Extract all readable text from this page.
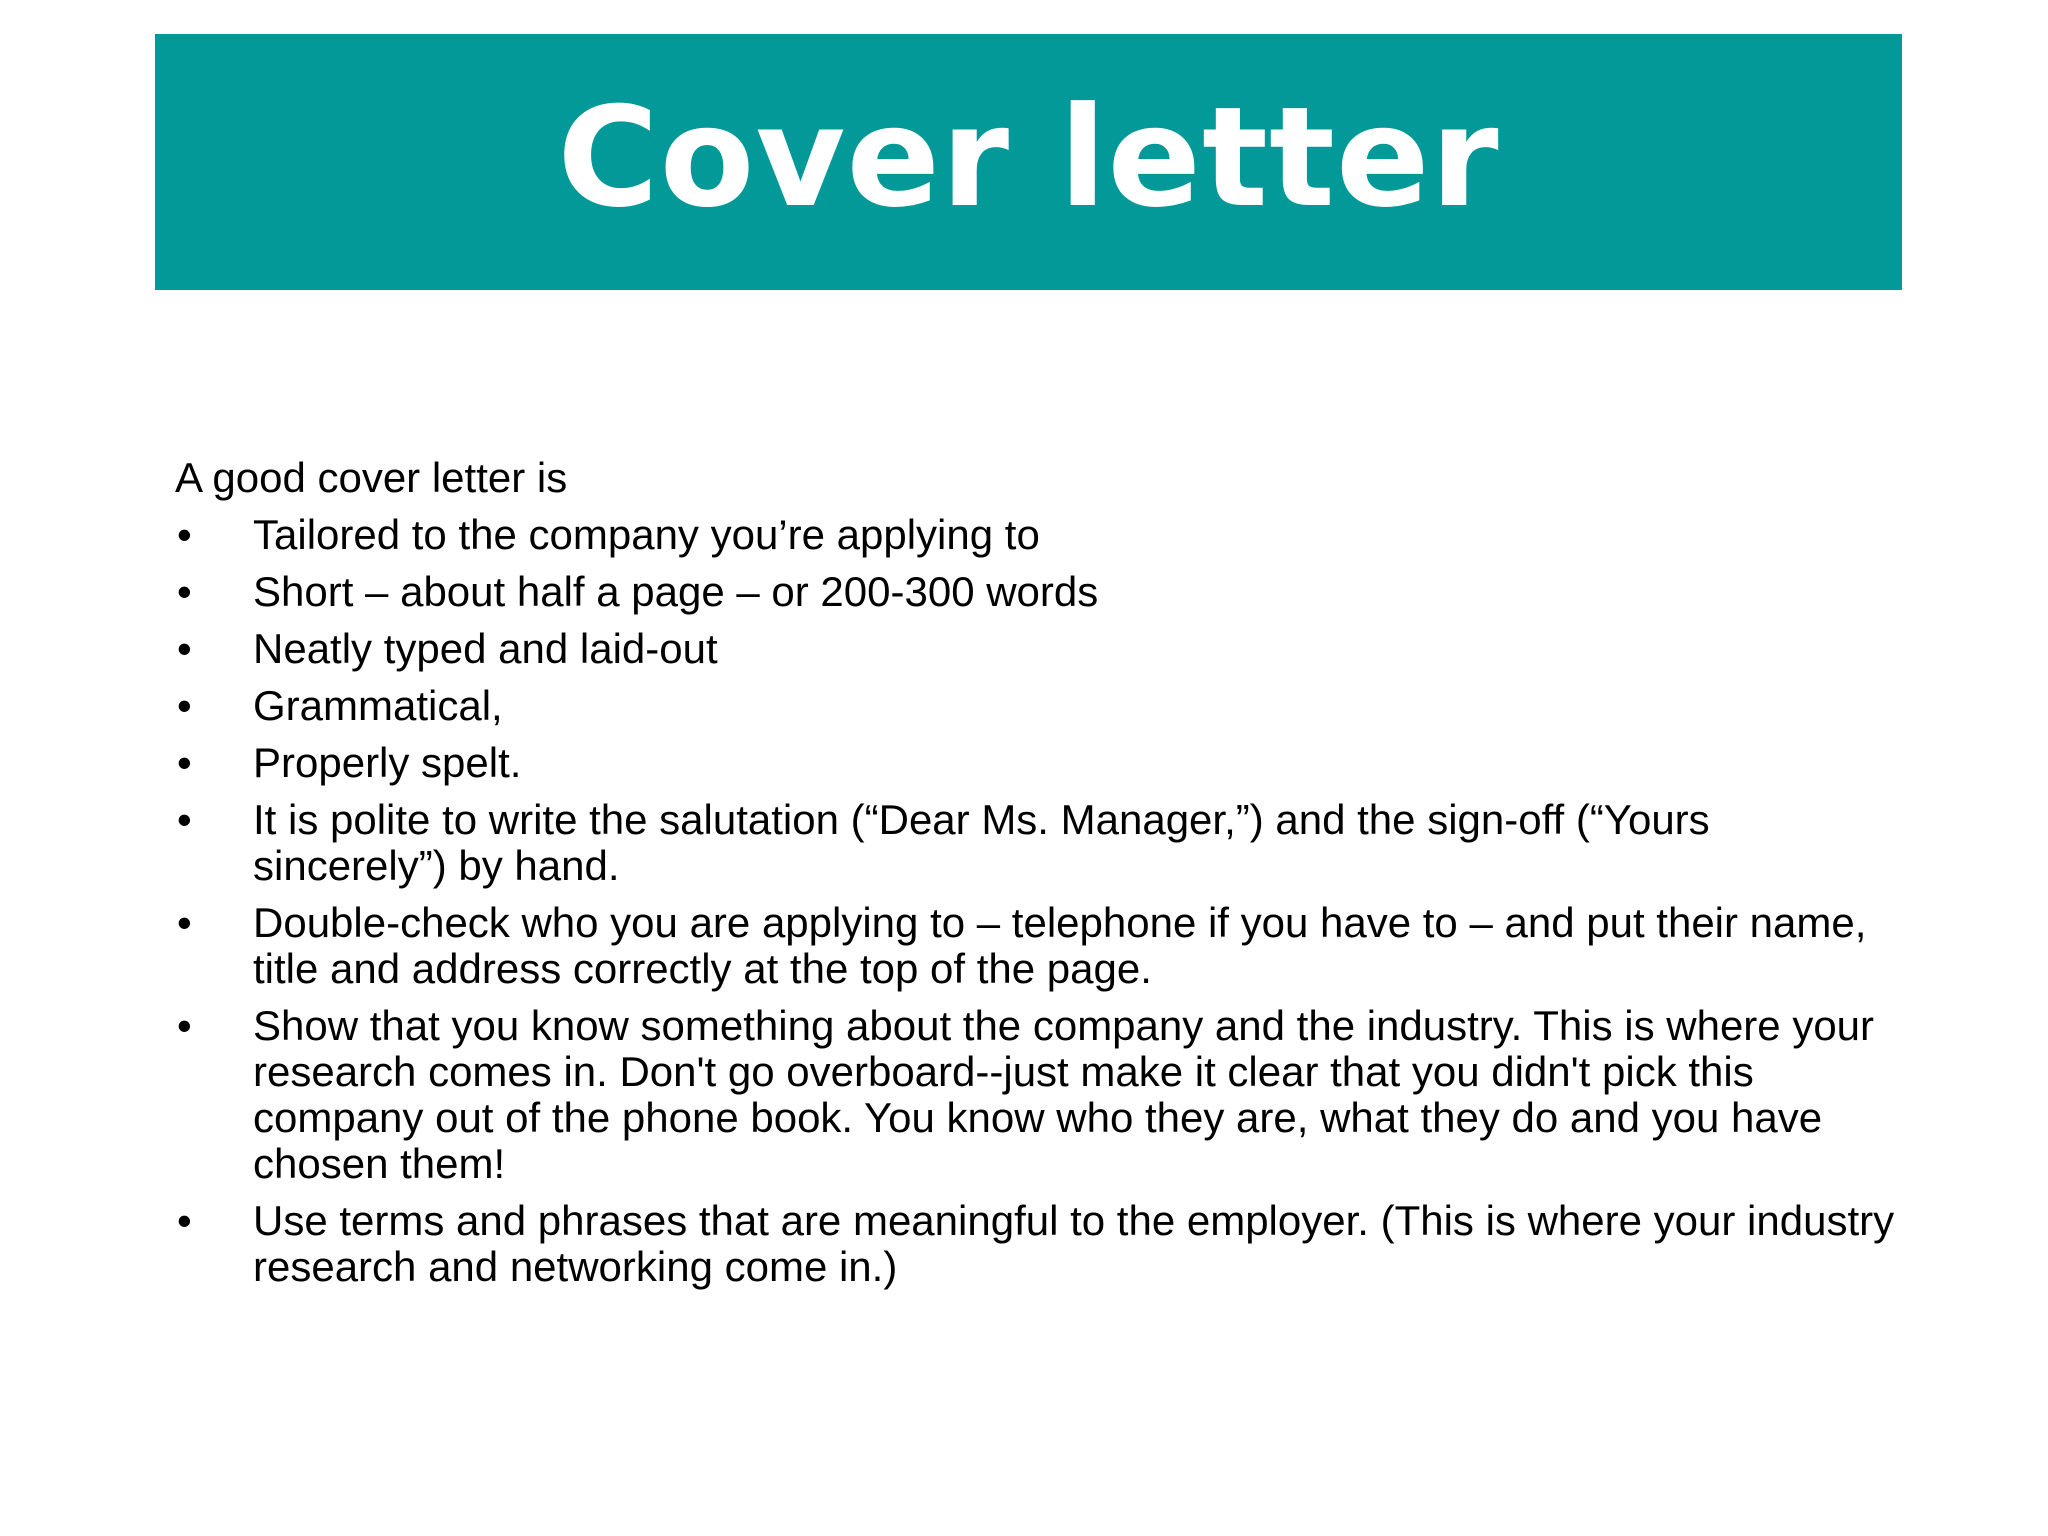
Cover letter

A good cover letter is

• Tailored to the company you’re applying to
• Short – about half a page – or 200-300 words
• Neatly typed and laid-out
• Grammatical,
• Properly spelt.
• It is polite to write the salutation (“Dear Ms. Manager,”) and the sign-off (“Yours sincerely”) by hand.
• Double-check who you are applying to – telephone if you have to – and put their name, title and address correctly at the top of the page.
• Show that you know something about the company and the industry. This is where your research comes in. Don't go overboard--just make it clear that you didn't pick this company out of the phone book. You know who they are, what they do and you have chosen them!
• Use terms and phrases that are meaningful to the employer. (This is where your industry research and networking come in.)
